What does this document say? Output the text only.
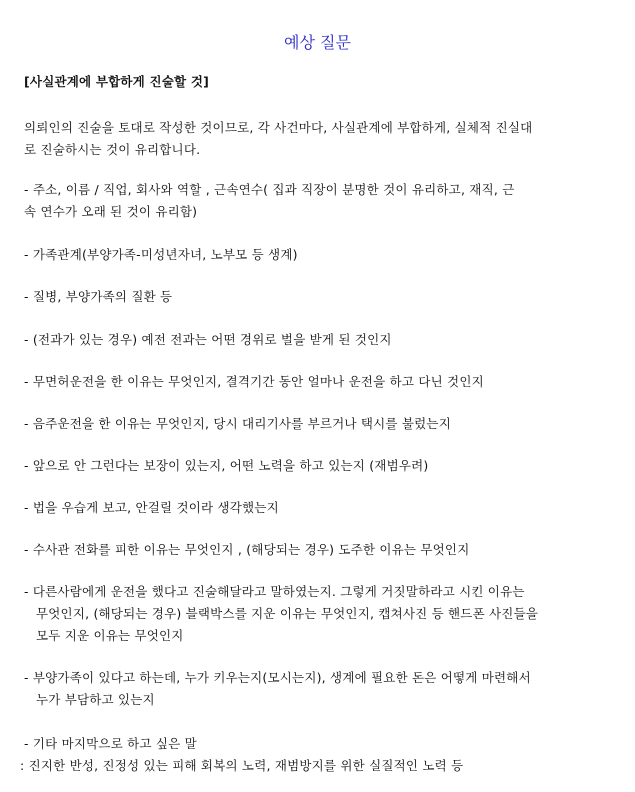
예상 질문
[사실관계에 부합하게 진술할 것]
의뢰인의 진술을 토대로 작성한 것이므로, 각 사건마다, 사실관계에 부합하게, 실체적 진실대
로 진술하시는 것이 유리합니다.
- 주소, 이름 / 직업, 회사와 역할 , 근속연수( 집과 직장이 분명한 것이 유리하고, 재직, 근
속 연수가 오래 된 것이 유리함)
- 가족관계(부양가족-미성년자녀, 노부모 등 생계)
- 질병, 부양가족의 질환 등
- (전과가 있는 경우) 예전 전과는 어떤 경위로 벌을 받게 된 것인지
- 무면허운전을 한 이유는 무엇인지, 결격기간 동안 얼마나 운전을 하고 다닌 것인지
- 음주운전을 한 이유는 무엇인지, 당시 대리기사를 부르거나 택시를 불렀는지
- 앞으로 안 그런다는 보장이 있는지, 어떤 노력을 하고 있는지 (재범우려)
- 법을 우습게 보고, 안걸릴 것이라 생각했는지
- 수사관 전화를 피한 이유는 무엇인지 , (해당되는 경우) 도주한 이유는 무엇인지
- 다른사람에게 운전을 했다고 진술해달라고 말하였는지. 그렇게 거짓말하라고 시킨 이유는
무엇인지, (해당되는 경우) 블랙박스를 지운 이유는 무엇인지, 캡쳐사진 등 핸드폰 사진들을
모두 지운 이유는 무엇인지
- 부양가족이 있다고 하는데, 누가 키우는지(모시는지), 생계에 필요한 돈은 어떻게 마련해서
누가 부담하고 있는지
- 기타 마지막으로 하고 싶은 말
: 진지한 반성, 진정성 있는 피해 회복의 노력, 재범방지를 위한 실질적인 노력 등
